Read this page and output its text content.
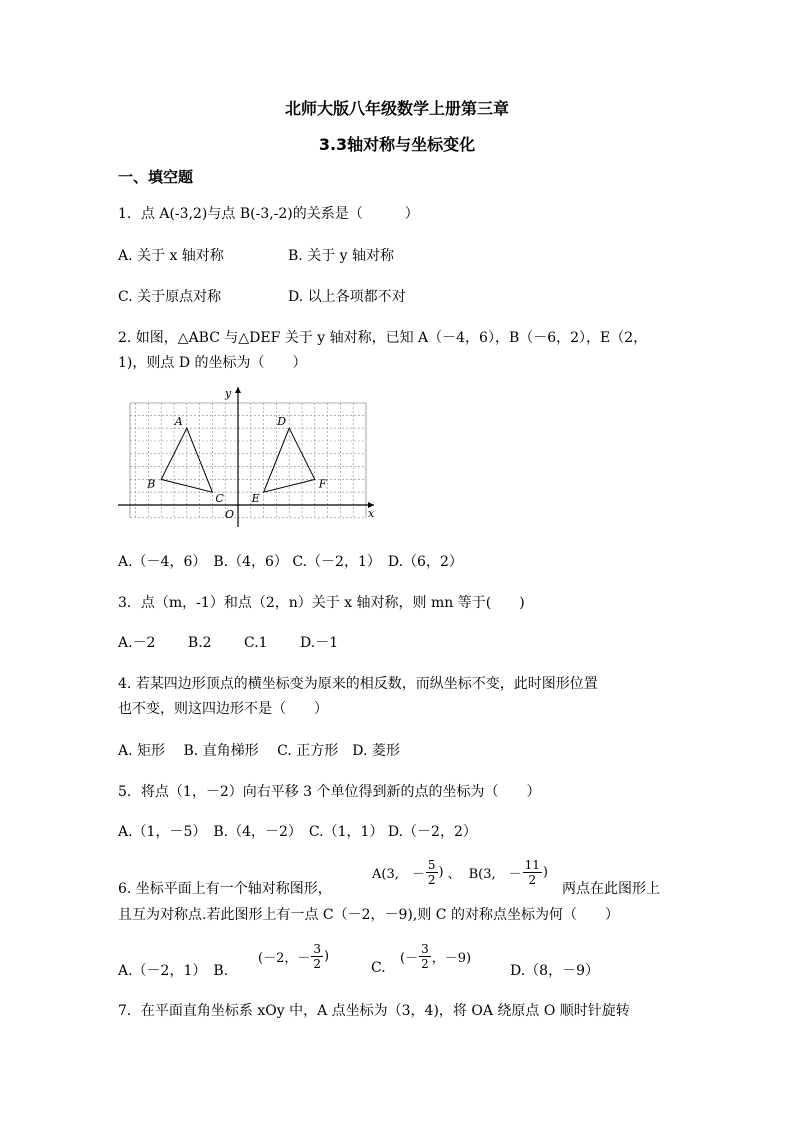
北师大版八年级数学上册第三章
3.3轴对称与坐标变化
一、填空题
1．点 A(-3,2)与点 B(-3,-2)的关系是（　　　）
A. 关于 x 轴对称	B. 关于 y 轴对称
C. 关于原点对称	D. 以上各项都不对
2. 如图，△ABC 与△DEF 关于 y 轴对称，已知 A（－4，6），B（－6，2），E（2，
1)，则点 D 的坐标为（　　）
A
B
C
D
E
F
x
y
O
A.（－4，6）　B.（4，6） C.（－2，1）　D.（6，2）
3．点（m，-1）和点（2，n）关于 x 轴对称，则 mn 等于(　　)
A.－2　　 B.2　　 C.1　　 D.－1
4. 若某四边形顶点的横坐标变为原来的相反数，而纵坐标不变，此时图形位置
也不变，则这四边形不是（　　）
A. 矩形　 B. 直角梯形　 C. 正方形　D. 菱形
5．将点（1，－2）向右平移 3 个单位得到新的点的坐标为（　　）
A.（1，－5）　B.（4，－2）　C.（1，1） D.（－2，2）
A(3,　－ $\frac{5}{2}$ ) 、 B(3,　－ $\frac{11}{2}$ )
6. 坐标平面上有一个轴对称图形，	两点在此图形上
且互为对称点.若此图形上有一点 C（－2，－9),则 C 的对称点坐标为何（　　）
A.（－2，1）　B.
(－2，－ $\frac{3}{2}$ )
C.
(－ $\frac{3}{2}$ ，－9)
D.（8，－9）
7．在平面直角坐标系 xOy 中，A 点坐标为（3，4)，将 OA 绕原点 O 顺时针旋转
